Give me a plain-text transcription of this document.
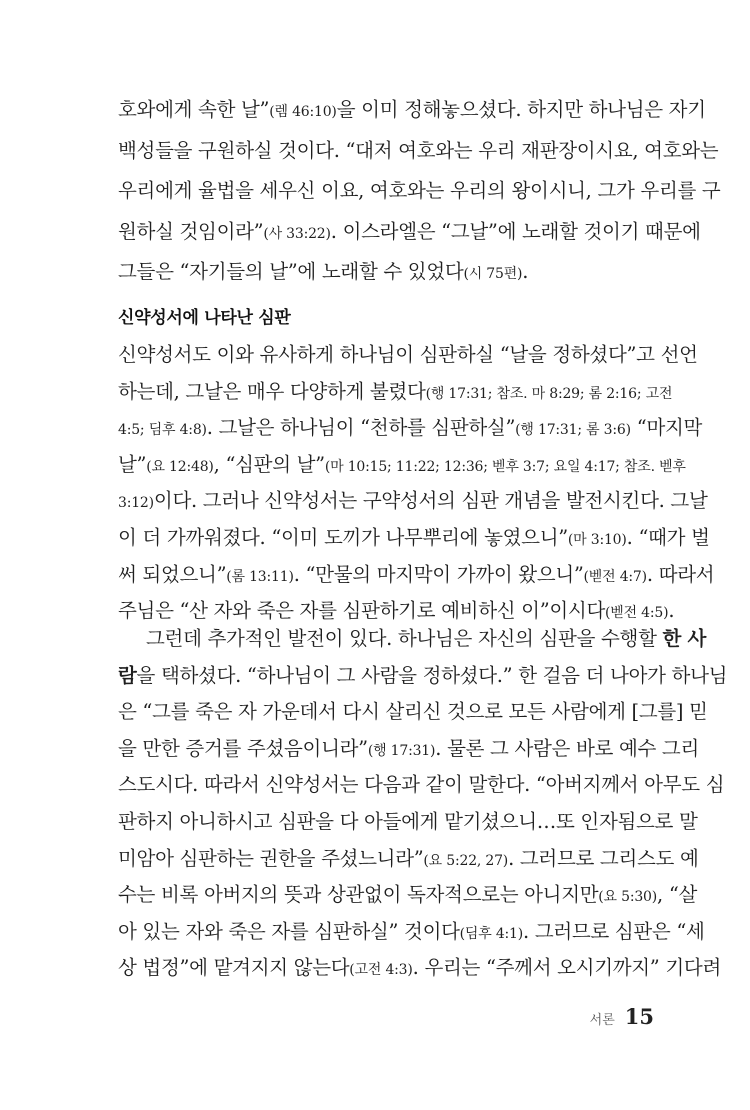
호와에게 속한 날”(렘 46:10)을 이미 정해놓으셨다. 하지만 하나님은 자기
백성들을 구원하실 것이다. “대저 여호와는 우리 재판장이시요, 여호와는
우리에게 율법을 세우신 이요, 여호와는 우리의 왕이시니, 그가 우리를 구
원하실 것임이라”(사 33:22). 이스라엘은 “그날”에 노래할 것이기 때문에
그들은 “자기들의 날”에 노래할 수 있었다(시 75편).
신약성서에 나타난 심판
신약성서도 이와 유사하게 하나님이 심판하실 “날을 정하셨다”고 선언
하는데, 그날은 매우 다양하게 불렸다(행 17:31; 참조. 마 8:29; 롬 2:16; 고전
4:5; 딤후 4:8). 그날은 하나님이 “천하를 심판하실”(행 17:31; 롬 3:6) “마지막
날”(요 12:48), “심판의 날”(마 10:15; 11:22; 12:36; 벧후 3:7; 요일 4:17; 참조. 벧후
3:12)이다. 그러나 신약성서는 구약성서의 심판 개념을 발전시킨다. 그날
이 더 가까워졌다. “이미 도끼가 나무뿌리에 놓였으니”(마 3:10). “때가 벌
써 되었으니”(롬 13:11). “만물의 마지막이 가까이 왔으니”(벧전 4:7). 따라서
주님은 “산 자와 죽은 자를 심판하기로 예비하신 이”이시다(벧전 4:5).
그런데 추가적인 발전이 있다. 하나님은 자신의 심판을 수행할 한 사
람을 택하셨다. “하나님이 그 사람을 정하셨다.” 한 걸음 더 나아가 하나님
은 “그를 죽은 자 가운데서 다시 살리신 것으로 모든 사람에게 [그를] 믿
을 만한 증거를 주셨음이니라”(행 17:31). 물론 그 사람은 바로 예수 그리
스도시다. 따라서 신약성서는 다음과 같이 말한다. “아버지께서 아무도 심
판하지 아니하시고 심판을 다 아들에게 맡기셨으니…또 인자됨으로 말
미암아 심판하는 권한을 주셨느니라”(요 5:22, 27). 그러므로 그리스도 예
수는 비록 아버지의 뜻과 상관없이 독자적으로는 아니지만(요 5:30), “살
아 있는 자와 죽은 자를 심판하실” 것이다(딤후 4:1). 그러므로 심판은 “세
상 법정”에 맡겨지지 않는다(고전 4:3). 우리는 “주께서 오시기까지” 기다려
서론 15
